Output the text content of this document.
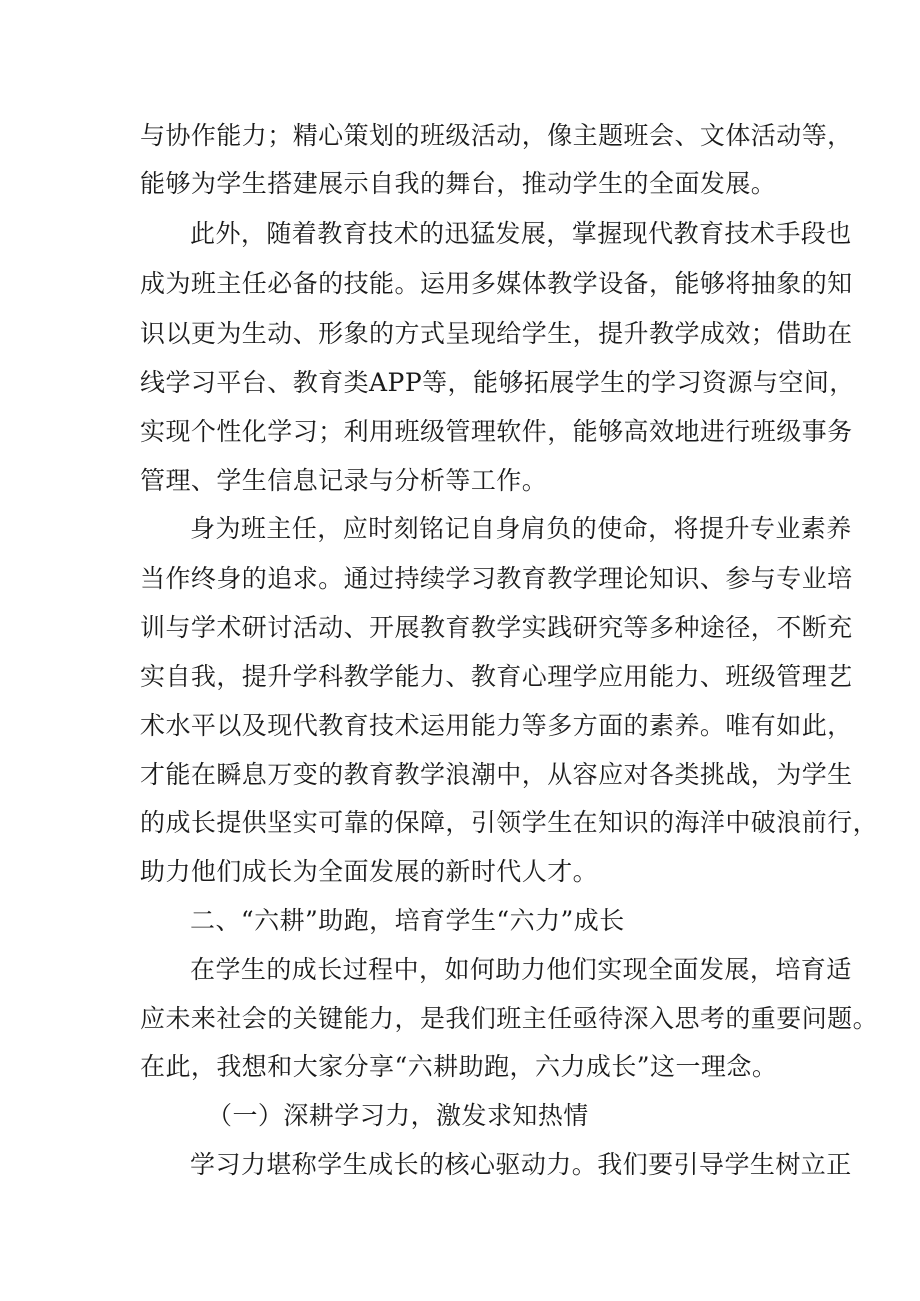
与协作能力；精心策划的班级活动，像主题班会、文体活动等，
能够为学生搭建展示自我的舞台，推动学生的全面发展。
此外，随着教育技术的迅猛发展，掌握现代教育技术手段也
成为班主任必备的技能。运用多媒体教学设备，能够将抽象的知
识以更为生动、形象的方式呈现给学生，提升教学成效；借助在
线学习平台、教育类APP等，能够拓展学生的学习资源与空间，
实现个性化学习；利用班级管理软件，能够高效地进行班级事务
管理、学生信息记录与分析等工作。
身为班主任，应时刻铭记自身肩负的使命，将提升专业素养
当作终身的追求。通过持续学习教育教学理论知识、参与专业培
训与学术研讨活动、开展教育教学实践研究等多种途径，不断充
实自我，提升学科教学能力、教育心理学应用能力、班级管理艺
术水平以及现代教育技术运用能力等多方面的素养。唯有如此，
才能在瞬息万变的教育教学浪潮中，从容应对各类挑战，为学生
的成长提供坚实可靠的保障，引领学生在知识的海洋中破浪前行，
助力他们成长为全面发展的新时代人才。
二、“六耕”助跑，培育学生“六力”成长
在学生的成长过程中，如何助力他们实现全面发展，培育适
应未来社会的关键能力，是我们班主任亟待深入思考的重要问题。
在此，我想和大家分享“六耕助跑，六力成长”这一理念。
（一）深耕学习力，激发求知热情
学习力堪称学生成长的核心驱动力。我们要引导学生树立正
